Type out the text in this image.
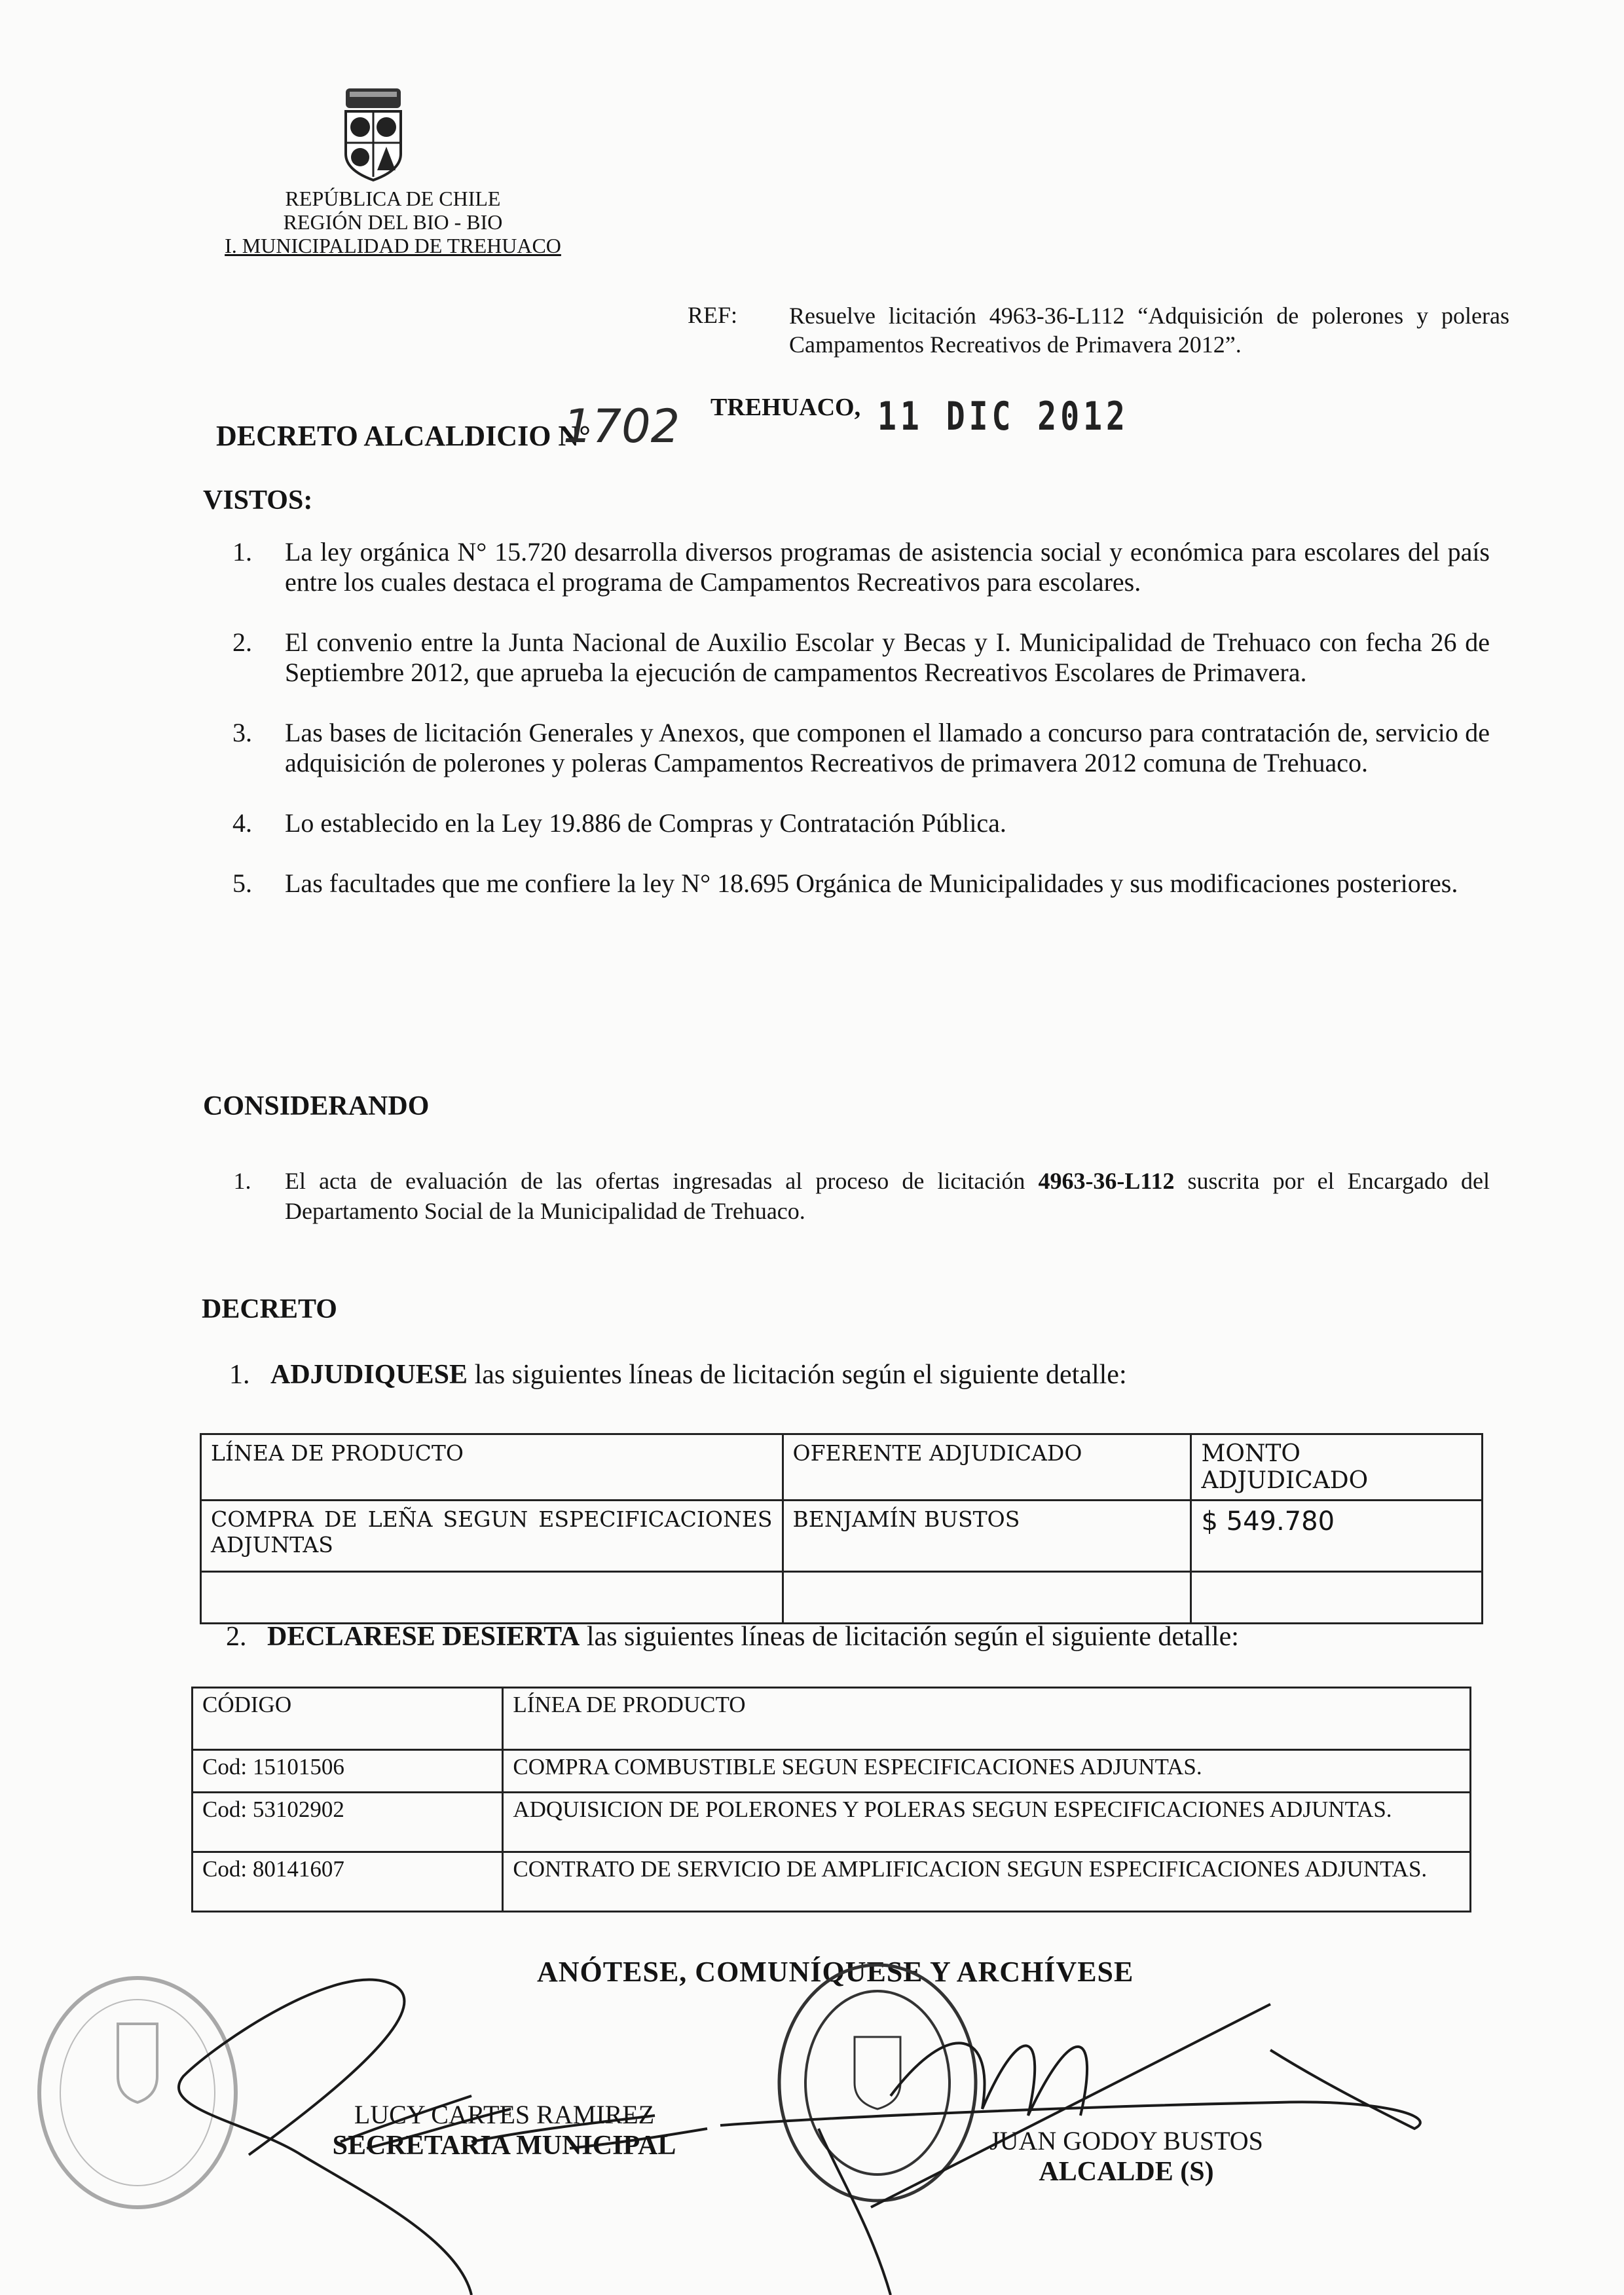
REPÚBLICA DE CHILE
REGIÓN DEL BIO - BIO
I. MUNICIPALIDAD DE TREHUACO
REF: Resuelve licitación 4963-36-L112 “Adquisición de polerones y poleras Campamentos Recreativos de Primavera 2012”.
TREHUACO, 11 DIC 2012
DECRETO ALCALDICIO N°
1702
VISTOS:
1.	La ley orgánica N° 15.720 desarrolla diversos programas de asistencia social y económica para escolares del país entre los cuales destaca el programa de Campamentos Recreativos para escolares.
2.	El convenio entre la Junta Nacional de Auxilio Escolar y Becas y I. Municipalidad de Trehuaco con fecha 26 de Septiembre 2012, que aprueba la ejecución de campamentos Recreativos Escolares de Primavera.
3.	Las bases de licitación Generales y Anexos, que componen el llamado a concurso para contratación de, servicio de adquisición de polerones y poleras Campamentos Recreativos de primavera 2012 comuna de Trehuaco.
4.	Lo establecido en la Ley 19.886 de Compras y Contratación Pública.
5.	Las facultades que me confiere la ley N° 18.695 Orgánica de Municipalidades y sus modificaciones posteriores.
CONSIDERANDO
1.	El acta de evaluación de las ofertas ingresadas al proceso de licitación 4963-36-L112 suscrita por el Encargado del Departamento Social de la Municipalidad de Trehuaco.
DECRETO
1. ADJUDIQUESE las siguientes líneas de licitación según el siguiente detalle:
LÍNEA DE PRODUCTO	OFERENTE ADJUDICADO	MONTO ADJUDICADO
COMPRA DE LEÑA SEGUN ESPECIFICACIONES ADJUNTAS	BENJAMÍN BUSTOS	$ 549.780

2. DECLARESE DESIERTA las siguientes líneas de licitación según el siguiente detalle:
CÓDIGO	LÍNEA DE PRODUCTO
Cod: 15101506	COMPRA COMBUSTIBLE SEGUN ESPECIFICACIONES ADJUNTAS.
Cod: 53102902	ADQUISICION DE POLERONES Y POLERAS SEGUN ESPECIFICACIONES ADJUNTAS.
Cod: 80141607	CONTRATO DE SERVICIO DE AMPLIFICACION SEGUN ESPECIFICACIONES ADJUNTAS.
ANÓTESE, COMUNÍQUESE Y ARCHÍVESE
LUCY CARTES RAMIREZ
SECRETARIA MUNICIPAL	JUAN GODOY BUSTOS
ALCALDE (S)
